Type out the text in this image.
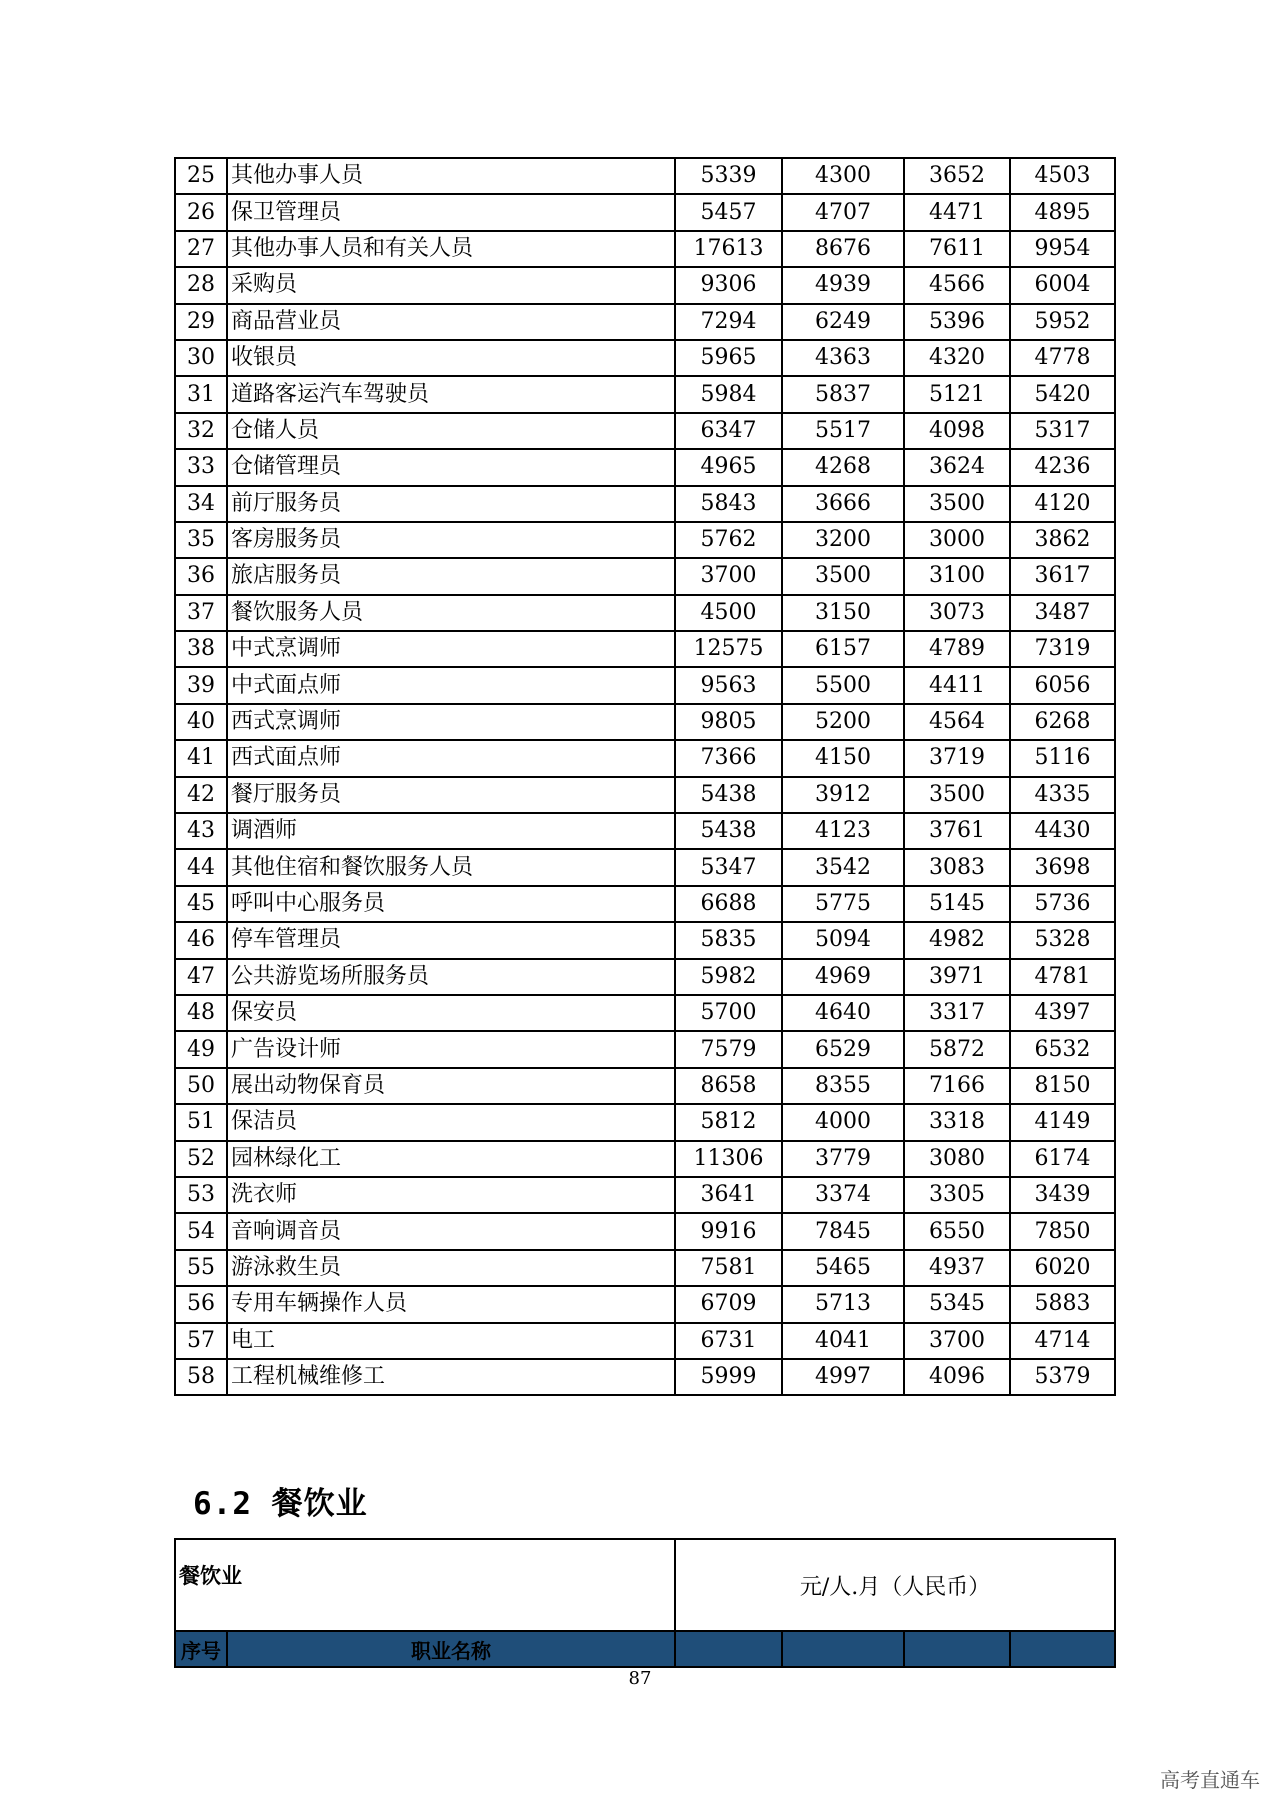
25	其他办事人员	5339	4300	3652	4503
26	保卫管理员	5457	4707	4471	4895
27	其他办事人员和有关人员	17613	8676	7611	9954
28	采购员	9306	4939	4566	6004
29	商品营业员	7294	6249	5396	5952
30	收银员	5965	4363	4320	4778
31	道路客运汽车驾驶员	5984	5837	5121	5420
32	仓储人员	6347	5517	4098	5317
33	仓储管理员	4965	4268	3624	4236
34	前厅服务员	5843	3666	3500	4120
35	客房服务员	5762	3200	3000	3862
36	旅店服务员	3700	3500	3100	3617
37	餐饮服务人员	4500	3150	3073	3487
38	中式烹调师	12575	6157	4789	7319
39	中式面点师	9563	5500	4411	6056
40	西式烹调师	9805	5200	4564	6268
41	西式面点师	7366	4150	3719	5116
42	餐厅服务员	5438	3912	3500	4335
43	调酒师	5438	4123	3761	4430
44	其他住宿和餐饮服务人员	5347	3542	3083	3698
45	呼叫中心服务员	6688	5775	5145	5736
46	停车管理员	5835	5094	4982	5328
47	公共游览场所服务员	5982	4969	3971	4781
48	保安员	5700	4640	3317	4397
49	广告设计师	7579	6529	5872	6532
50	展出动物保育员	8658	8355	7166	8150
51	保洁员	5812	4000	3318	4149
52	园林绿化工	11306	3779	3080	6174
53	洗衣师	3641	3374	3305	3439
54	音响调音员	9916	7845	6550	7850
55	游泳救生员	7581	5465	4937	6020
56	专用车辆操作人员	6709	5713	5345	5883
57	电工	6731	4041	3700	4714
58	工程机械维修工	5999	4997	4096	5379
6.2 餐饮业
餐饮业		元/人.月（人民币）			
序号	职业名称				
87
高考直通车
